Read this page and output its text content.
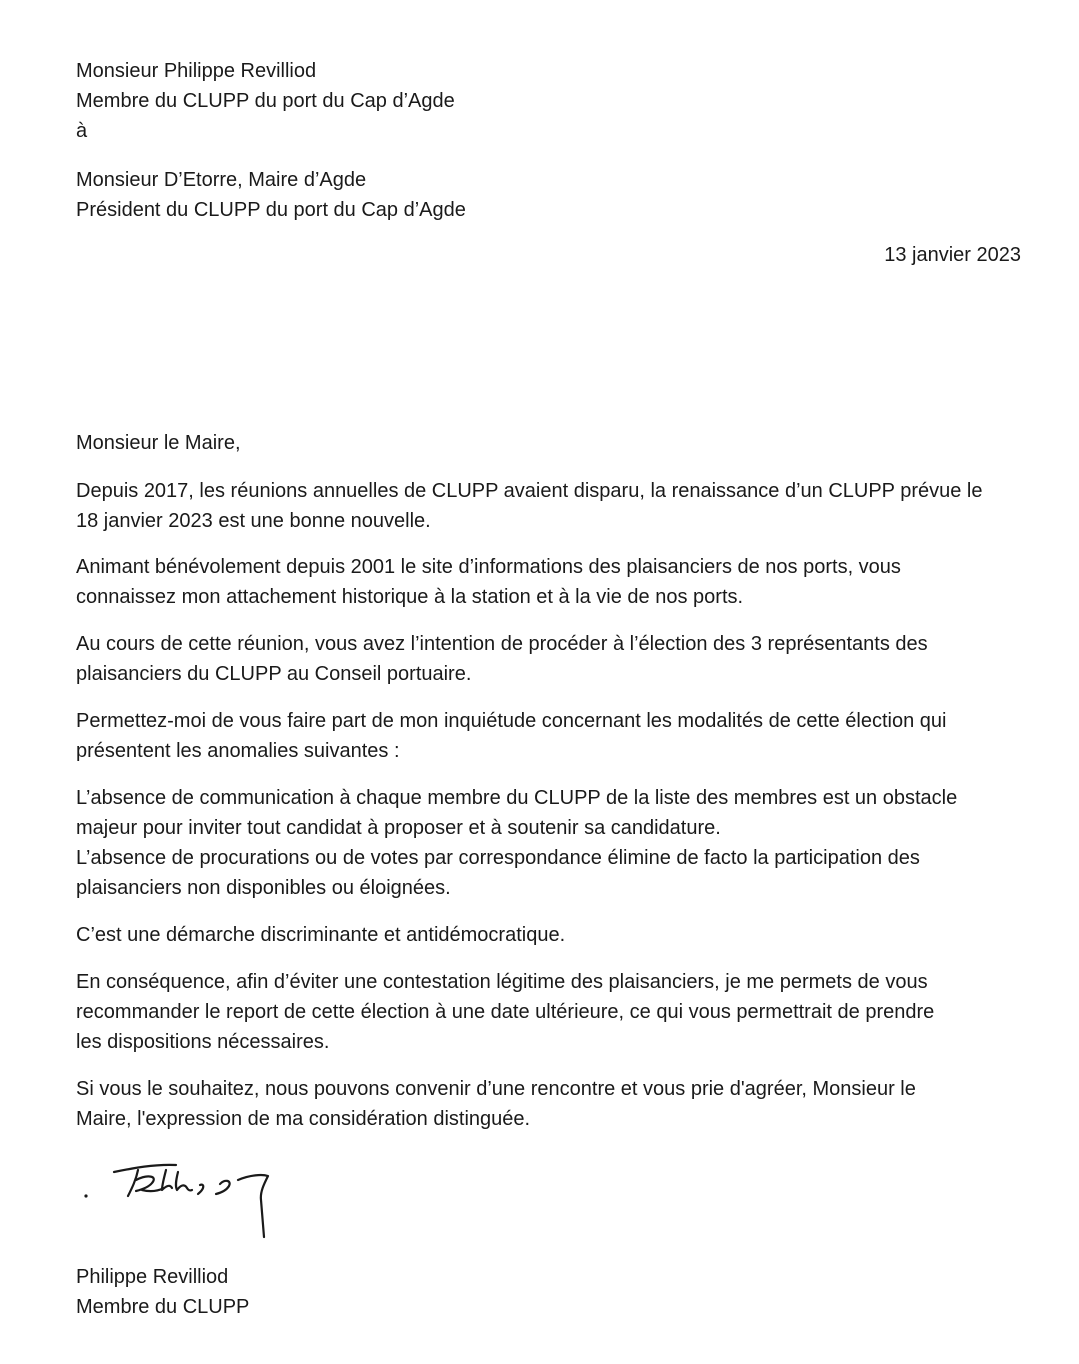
Monsieur Philippe Revilliod
Membre du CLUPP du port du Cap d’Agde
à
Monsieur D’Etorre, Maire d’Agde
Président du CLUPP du port du Cap d’Agde
13 janvier 2023
Monsieur le Maire,
Depuis 2017, les réunions annuelles de CLUPP avaient disparu, la renaissance d’un CLUPP prévue le
18 janvier 2023 est une bonne nouvelle.
Animant bénévolement depuis 2001 le site d’informations des plaisanciers de nos ports, vous
connaissez mon attachement historique à la station et à la vie de nos ports.
Au cours de cette réunion, vous avez l’intention de procéder à l’élection des 3 représentants des
plaisanciers du CLUPP au Conseil portuaire.
Permettez-moi de vous faire part de mon inquiétude concernant les modalités de cette élection qui
présentent les anomalies suivantes :
L’absence de communication à chaque membre du CLUPP de la liste des membres est un obstacle
majeur pour inviter tout candidat à proposer et à soutenir sa candidature.
L’absence de procurations ou de votes par correspondance élimine de facto la participation des
plaisanciers non disponibles ou éloignées.
C’est une démarche discriminante et antidémocratique.
En conséquence, afin d’éviter une contestation légitime des plaisanciers, je me permets de vous
recommander le report de cette élection à une date ultérieure, ce qui vous permettrait de prendre
les dispositions nécessaires.
Si vous le souhaitez, nous pouvons convenir d’une rencontre et vous prie d'agréer, Monsieur le
Maire, l'expression de ma considération distinguée.
Philippe Revilliod
Membre du CLUPP
